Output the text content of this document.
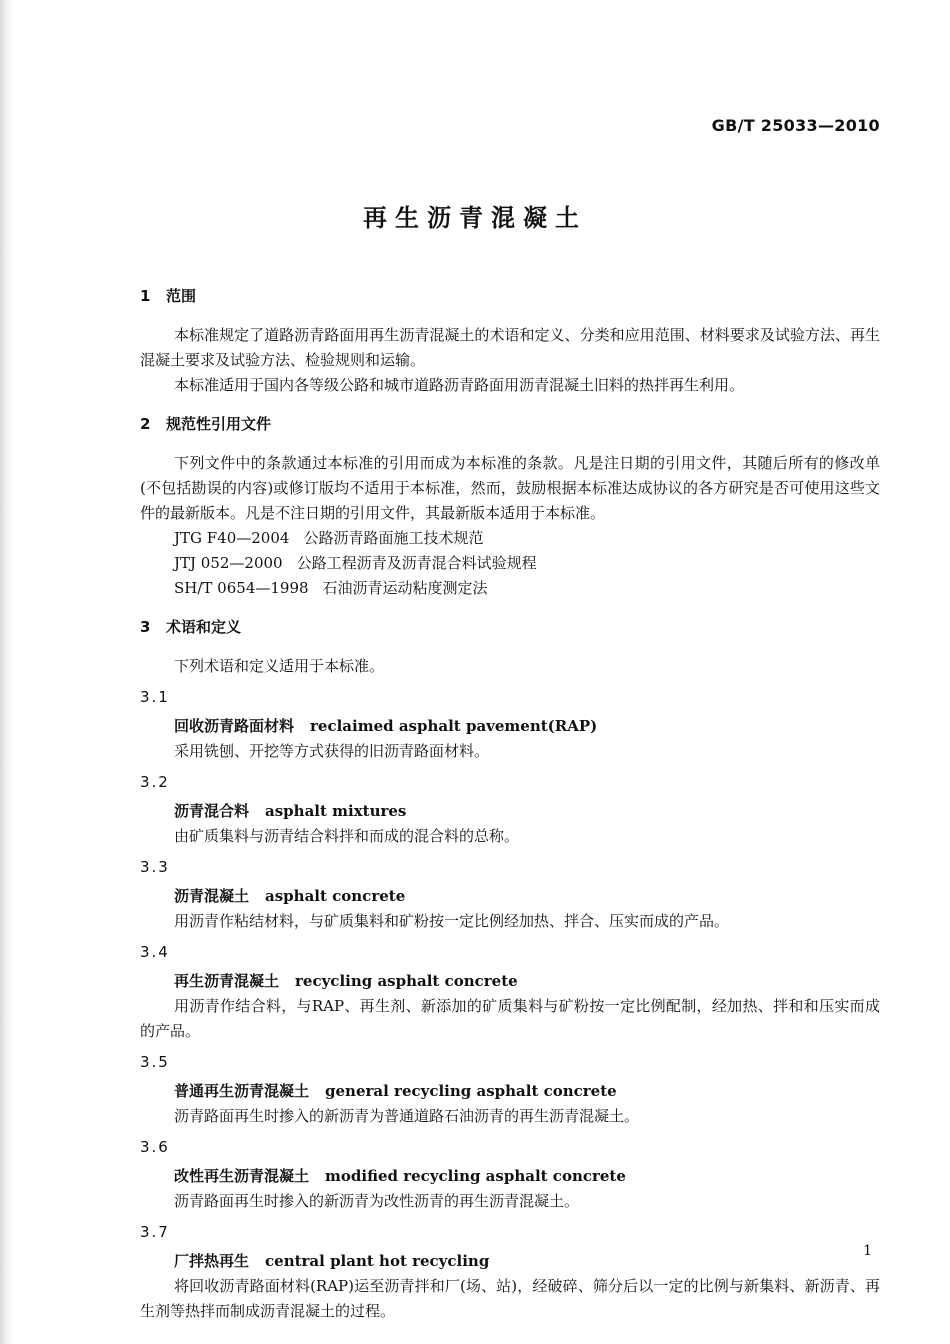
GB/T 25033—2010
再生沥青混凝土
1 范围
本标准规定了道路沥青路面用再生沥青混凝土的术语和定义、分类和应用范围、材料要求及试验方法、再生混凝土要求及试验方法、检验规则和运输。
本标准适用于国内各等级公路和城市道路沥青路面用沥青混凝土旧料的热拌再生利用。
2 规范性引用文件
下列文件中的条款通过本标准的引用而成为本标准的条款。凡是注日期的引用文件，其随后所有的修改单(不包括勘误的内容)或修订版均不适用于本标准，然而，鼓励根据本标准达成协议的各方研究是否可使用这些文件的最新版本。凡是不注日期的引用文件，其最新版本适用于本标准。
JTG F40—2004 公路沥青路面施工技术规范
JTJ 052—2000 公路工程沥青及沥青混合料试验规程
SH/T 0654—1998 石油沥青运动粘度测定法
3 术语和定义
下列术语和定义适用于本标准。
3.1
回收沥青路面材料 reclaimed asphalt pavement(RAP)
采用铣刨、开挖等方式获得的旧沥青路面材料。
3.2
沥青混合料 asphalt mixtures
由矿质集料与沥青结合料拌和而成的混合料的总称。
3.3
沥青混凝土 asphalt concrete
用沥青作粘结材料，与矿质集料和矿粉按一定比例经加热、拌合、压实而成的产品。
3.4
再生沥青混凝土 recycling asphalt concrete
用沥青作结合料，与RAP、再生剂、新添加的矿质集料与矿粉按一定比例配制，经加热、拌和和压实而成的产品。
3.5
普通再生沥青混凝土 general recycling asphalt concrete
沥青路面再生时掺入的新沥青为普通道路石油沥青的再生沥青混凝土。
3.6
改性再生沥青混凝土 modified recycling asphalt concrete
沥青路面再生时掺入的新沥青为改性沥青的再生沥青混凝土。
3.7
厂拌热再生 central plant hot recycling
将回收沥青路面材料(RAP)运至沥青拌和厂(场、站)，经破碎、筛分后以一定的比例与新集料、新沥青、再生剂等热拌而制成沥青混凝土的过程。
1
